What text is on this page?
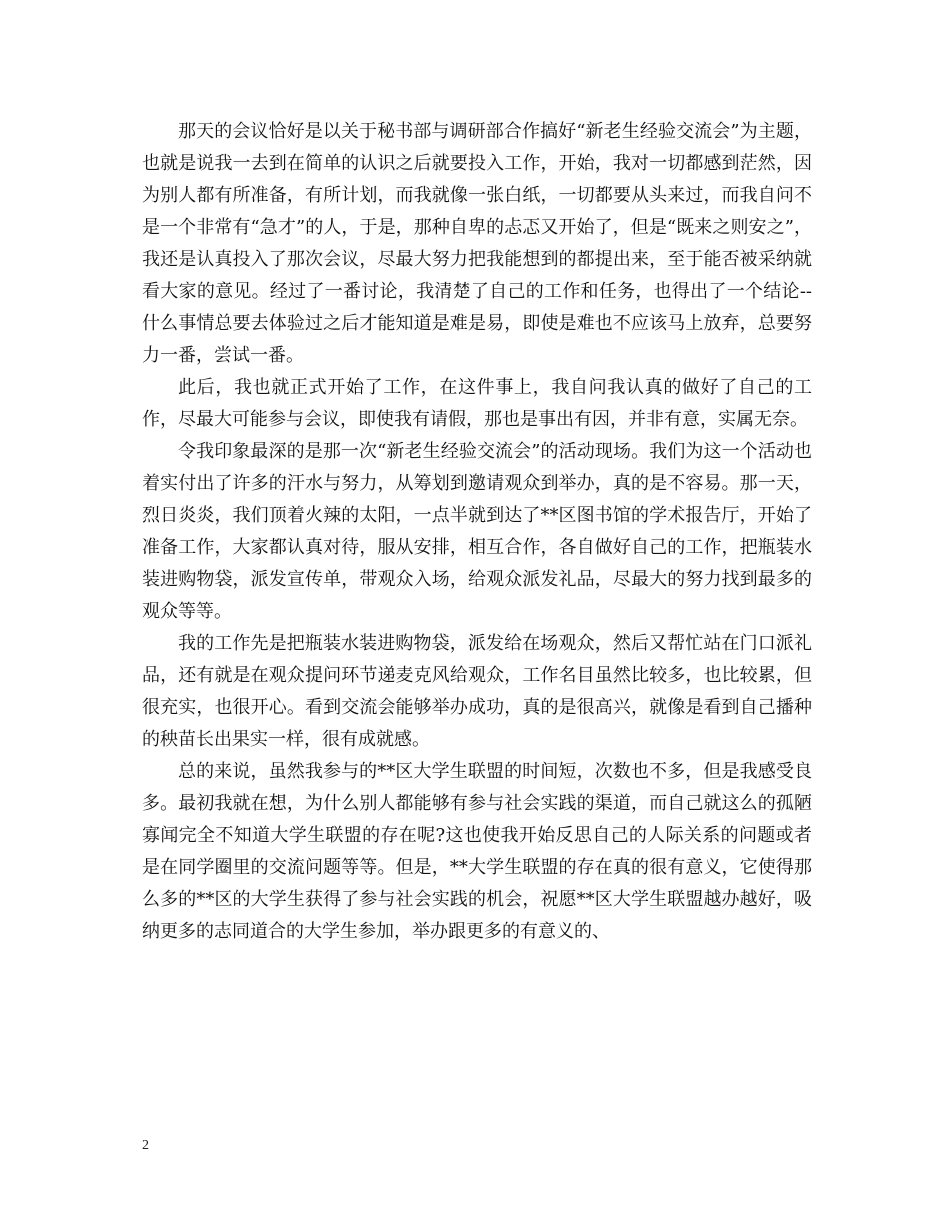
那天的会议恰好是以关于秘书部与调研部合作搞好“新老生经验交流会”为主题，也就是说我一去到在简单的认识之后就要投入工作，开始，我对一切都感到茫然，因为别人都有所准备，有所计划，而我就像一张白纸，一切都要从头来过，而我自问不是一个非常有“急才”的人，于是，那种自卑的忐忑又开始了，但是“既来之则安之”，我还是认真投入了那次会议，尽最大努力把我能想到的都提出来，至于能否被采纳就看大家的意见。经过了一番讨论，我清楚了自己的工作和任务，也得出了一个结论--什么事情总要去体验过之后才能知道是难是易，即使是难也不应该马上放弃，总要努力一番，尝试一番。

此后，我也就正式开始了工作，在这件事上，我自问我认真的做好了自己的工作，尽最大可能参与会议，即使我有请假，那也是事出有因，并非有意，实属无奈。

令我印象最深的是那一次“新老生经验交流会”的活动现场。我们为这一个活动也着实付出了许多的汗水与努力，从筹划到邀请观众到举办，真的是不容易。那一天，烈日炎炎，我们顶着火辣的太阳，一点半就到达了**区图书馆的学术报告厅，开始了准备工作，大家都认真对待，服从安排，相互合作，各自做好自己的工作，把瓶装水装进购物袋，派发宣传单，带观众入场，给观众派发礼品，尽最大的努力找到最多的观众等等。

我的工作先是把瓶装水装进购物袋，派发给在场观众，然后又帮忙站在门口派礼品，还有就是在观众提问环节递麦克风给观众，工作名目虽然比较多，也比较累，但很充实，也很开心。看到交流会能够举办成功，真的是很高兴，就像是看到自己播种的秧苗长出果实一样，很有成就感。

总的来说，虽然我参与的**区大学生联盟的时间短，次数也不多，但是我感受良多。最初我就在想，为什么别人都能够有参与社会实践的渠道，而自己就这么的孤陋寡闻完全不知道大学生联盟的存在呢?这也使我开始反思自己的人际关系的问题或者是在同学圈里的交流问题等等。但是，**大学生联盟的存在真的很有意义，它使得那么多的**区的大学生获得了参与社会实践的机会，祝愿**区大学生联盟越办越好，吸纳更多的志同道合的大学生参加，举办跟更多的有意义的、

2
